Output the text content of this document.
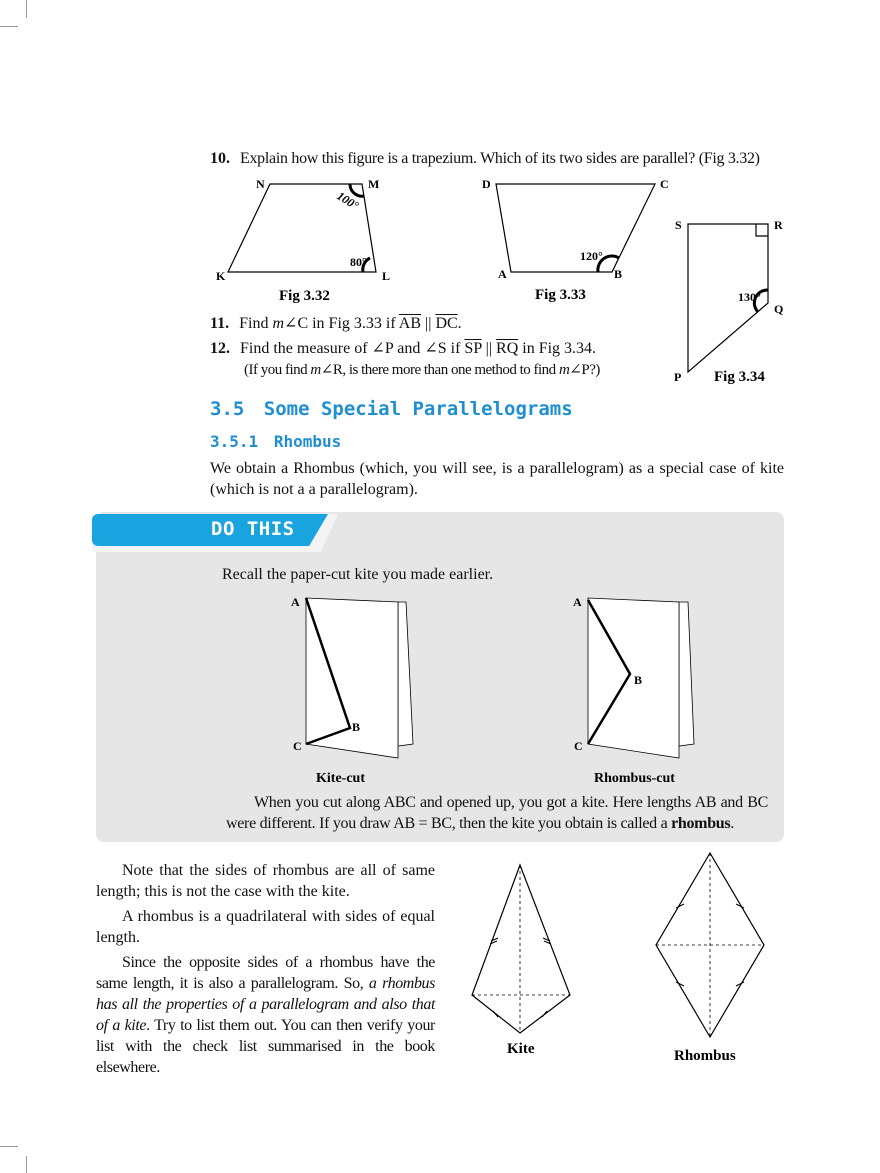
10. Explain how this figure is a trapezium. Which of its two sides are parallel? (Fig 3.32)
N	M
K	L
100°
80°
Fig 3.32
D	C
A	B
120°
Fig 3.33
S	R
Q
P
130°
Fig 3.34
11. Find m∠C in Fig 3.33 if $\overline{AB}$ || $\overline{DC}$.
12. Find the measure of ∠P and ∠S if $\overline{SP}$ || $\overline{RQ}$ in Fig 3.34.
(If you find m∠R, is there more than one method to find m∠P?)
3.5 Some Special Parallelograms
3.5.1 Rhombus
We obtain a Rhombus (which, you will see, is a parallelogram) as a special case of kite (which is not a a parallelogram).
DO THIS
Recall the paper-cut kite you made earlier.
A
B
C
Kite-cut
A
B
C
Rhombus-cut
When you cut along ABC and opened up, you got a kite. Here lengths AB and BC were different. If you draw AB = BC, then the kite you obtain is called a rhombus.
Note that the sides of rhombus are all of same length; this is not the case with the kite.
A rhombus is a quadrilateral with sides of equal length.
Since the opposite sides of a rhombus have the same length, it is also a parallelogram. So, a rhombus has all the properties of a parallelogram and also that of a kite. Try to list them out. You can then verify your list with the check list summarised in the book elsewhere.
Kite	Rhombus
